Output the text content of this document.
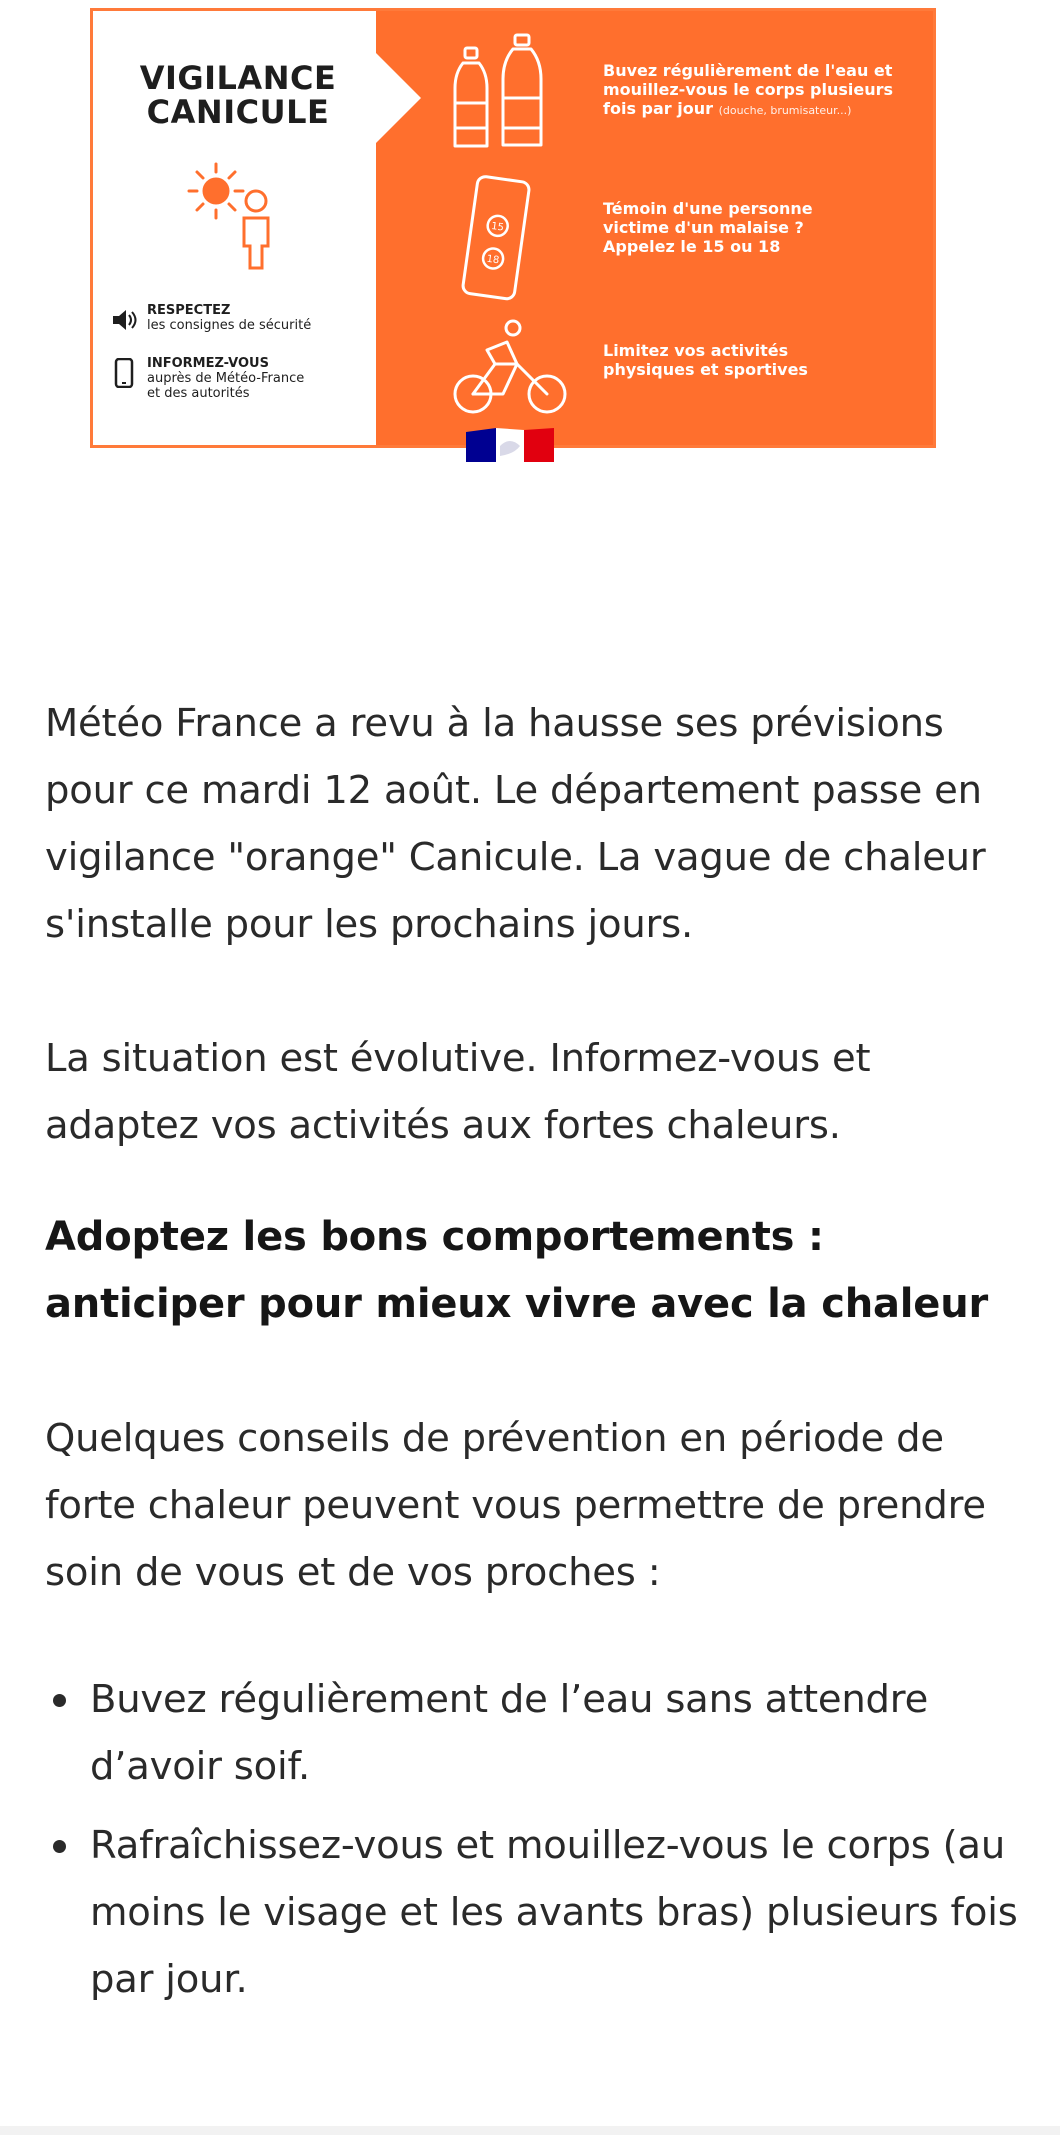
VIGILANCE
CANICULE
RESPECTEZ
les consignes de sécurité
INFORMEZ-VOUS
auprès de Météo-France
et des autorités
15
18
Buvez régulièrement de l'eau et
mouillez-vous le corps plusieurs
fois par jour (douche, brumisateur...)
Témoin d'une personne
victime d'un malaise ?
Appelez le 15 ou 18
Limitez vos activités
physiques et sportives

Météo France a revu à la hausse ses prévisions pour ce mardi 12 août. Le département passe en vigilance "orange" Canicule. La vague de chaleur s'installe pour les prochains jours.

La situation est évolutive. Informez-vous et adaptez vos activités aux fortes chaleurs.

Adoptez les bons comportements : anticiper pour mieux vivre avec la chaleur

Quelques conseils de prévention en période de forte chaleur peuvent vous permettre de prendre soin de vous et de vos proches :

Buvez régulièrement de l’eau sans attendre d’avoir soif.
Rafraîchissez-vous et mouillez-vous le corps (au moins le visage et les avants bras) plusieurs fois par jour.
